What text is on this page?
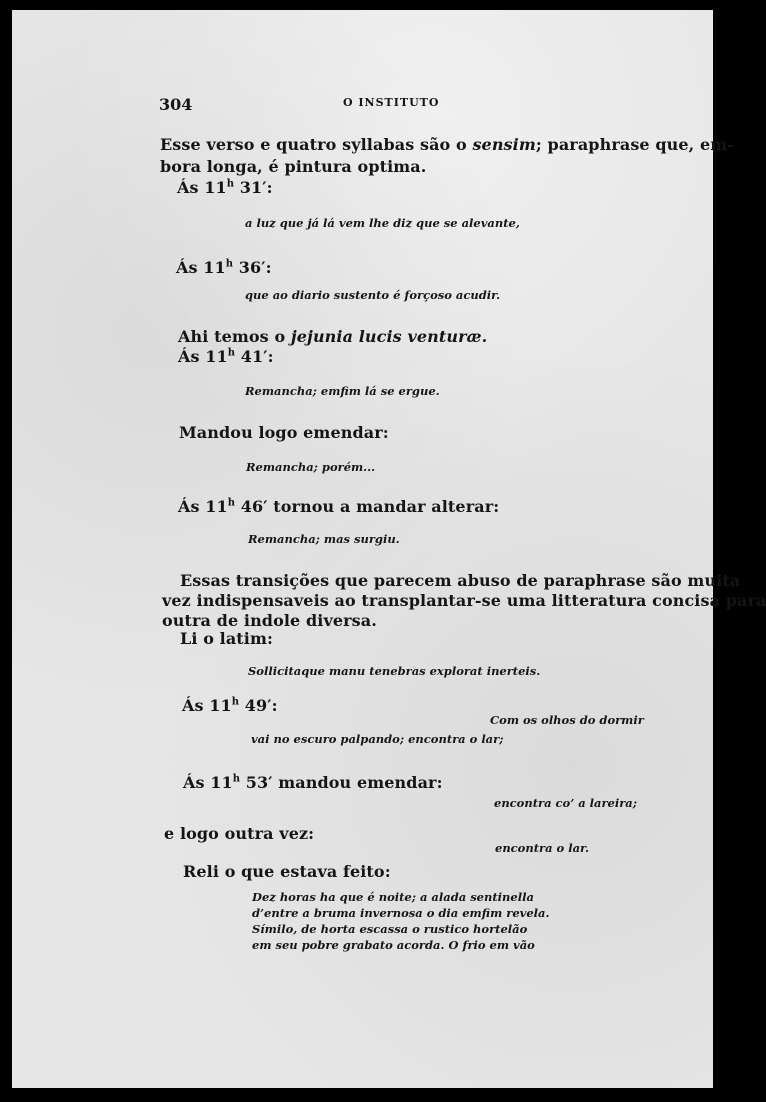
304	O INSTITUTO
Esse verso e quatro syllabas são o sensim; paraphrase que, em-
bora longa, é pintura optima.
Ás 11$^h$ 31′:
a luz que já lá vem lhe diz que se alevante,
Ás 11$^h$ 36′:
que ao diario sustento é forçoso acudir.
Ahi temos o jejunia lucis venturæ.
Ás 11$^h$ 41′:
Remancha; emfim lá se ergue.
Mandou logo emendar:
Remancha; porém...
Ás 11$^h$ 46′ tornou a mandar alterar:
Remancha; mas surgiu.
Essas transições que parecem abuso de paraphrase são muita
vez indispensaveis ao transplantar-se uma litteratura concisa para
outra de indole diversa.
Li o latim:
Sollicitaque manu tenebras explorat inerteis.
Ás 11$^h$ 49′:
Com os olhos do dormir
vai no escuro palpando; encontra o lar;
Ás 11$^h$ 53′ mandou emendar:
encontra co’ a lareira;
e logo outra vez:
encontra o lar.
Reli o que estava feito:
Dez horas ha que é noite; a alada sentinella
d’entre a bruma invernosa o dia emfim revela.
Símilo, de horta escassa o rustico hortelão
em seu pobre grabato acorda. O frio em vão
